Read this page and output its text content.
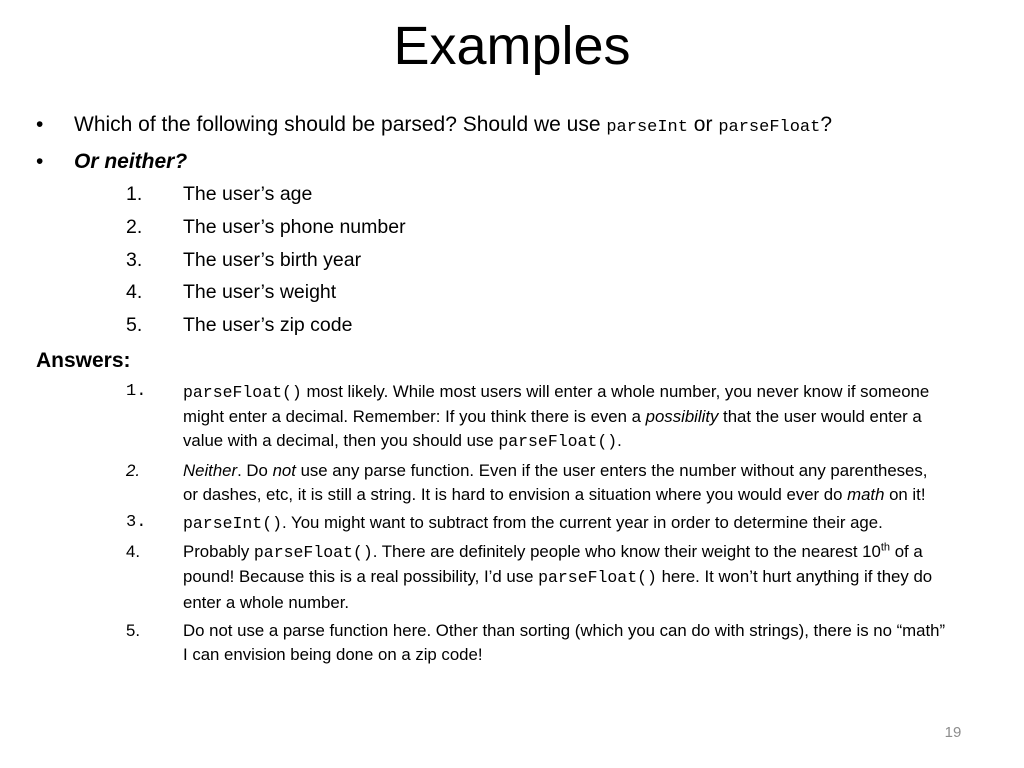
Examples
•	Which of the following should be parsed? Should we use parseInt or parseFloat?
•	Or neither?
1. The user’s age
2. The user’s phone number
3. The user’s birth year
4. The user’s weight
5. The user’s zip code
Answers:
1. parseFloat() most likely. While most users will enter a whole number, you never know if someone might enter a decimal. Remember: If you think there is even a possibility that the user would enter a value with a decimal, then you should use parseFloat().
2.	Neither. Do not use any parse function. Even if the user enters the number without any parentheses, or dashes, etc, it is still a string. It is hard to envision a situation where you would ever do math on it!
3. parseInt(). You might want to subtract from the current year in order to determine their age.
4.	Probably parseFloat(). There are definitely people who know their weight to the nearest 10th of a pound! Because this is a real possibility, I’d use parseFloat() here. It won’t hurt anything if they do enter a whole number.
5.	Do not use a parse function here. Other than sorting (which you can do with strings), there is no “math” I can envision being done on a zip code!
19
